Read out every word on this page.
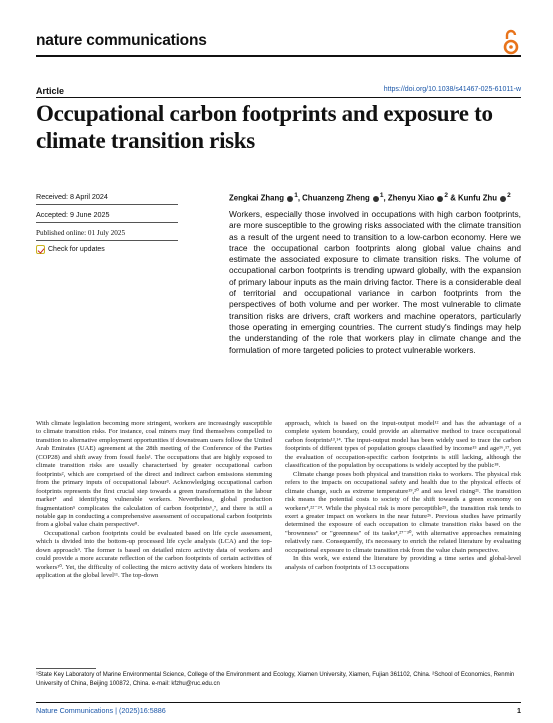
nature communications
Article	https://doi.org/10.1038/s41467-025-61011-w
Occupational carbon footprints and exposure to climate transition risks
Received: 8 April 2024
Accepted: 9 June 2025
Published online: 01 July 2025
Check for updates
Zengkai Zhang $^1$, Chuanzeng Zheng $^1$, Zhenyu Xiao $^2$ & Kunfu Zhu $^2$
Workers, especially those involved in occupations with high carbon footprints, are more susceptible to the growing risks associated with the climate transition as a result of the urgent need to transition to a low-carbon economy. Here we trace the occupational carbon footprints along global value chains and estimate the associated exposure to climate transition risks. The volume of occupational carbon footprints is trending upward globally, with the expansion of primary labour inputs as the main driving factor. There is a considerable deal of territorial and occupational variance in carbon footprints from the perspectives of both volume and per worker. The most vulnerable to climate transition risks are drivers, craft workers and machine operators, particularly those operating in emerging countries. The current study's findings may help the understanding of the role that workers play in climate change and the formulation of more targeted policies to protect vulnerable workers.

With climate legislation becoming more stringent, workers are increasingly susceptible to climate transition risks. For instance, coal miners may find themselves compelled to transition to alternative employment opportunities if downstream users follow the United Arab Emirates (UAE) agreement at the 28th meeting of the Conference of the Parties (COP28) and shift away from fossil fuels¹. The occupations that are highly exposed to climate transition risks are usually characterised by greater occupational carbon footprints², which are comprised of the direct and indirect carbon emissions stemming from the primary inputs of occupational labour³. Acknowledging occupational carbon footprints represents the first crucial step towards a green transformation in the labour market⁴ and identifying vulnerable workers. Nevertheless, global production fragmentation⁵ complicates the calculation of carbon footprints⁶,⁷, and there is still a notable gap in conducting a comprehensive assessment of occupational carbon footprints from a global value chain perspective⁸.

Occupational carbon footprints could be evaluated based on life cycle assessment, which is divided into the bottom-up processed life cycle analysis (LCA) and the top-down approach⁹. The former is based on detailed micro activity data of workers and could provide a more accurate reflection of the carbon footprints of certain activities of workers¹⁰. Yet, the difficulty of collecting the micro activity data of workers hinders its application at the global level¹¹. The top-down

approach, which is based on the input-output model¹² and has the advantage of a complete system boundary, could provide an alternative method to trace occupational carbon footprints¹³,¹⁴. The input-output model has been widely used to trace the carbon footprints of different types of population groups classified by income¹⁵ and age¹⁶,¹⁷, yet the evaluation of occupation-specific carbon footprints is still lacking, although the classification of the population by occupations is widely accepted by the public¹⁸.

Climate change poses both physical and transition risks to workers. The physical risk refers to the impacts on occupational safety and health due to the physical effects of climate change, such as extreme temperature¹⁹,²⁰ and sea level rising²¹. The transition risk means the potential costs to society of the shift towards a green economy on workers⁴,²²⁻²⁴. While the physical risk is more perceptible²⁵, the transition risk tends to exert a greater impact on workers in the near future²⁶. Previous studies have primarily determined the exposure of each occupation to climate transition risks based on the "brownness" or "greenness" of its tasks⁴,²⁷⁻³⁰, with alternative approaches remaining relatively rare. Consequently, it's necessary to enrich the related literature by evaluating occupational exposure to climate transition risk from the value chain perspective.

In this work, we extend the literature by providing a time series and global-level analysis of carbon footprints of 13 occupations

¹State Key Laboratory of Marine Environmental Science, College of the Environment and Ecology, Xiamen University, Xiamen, Fujian 361102, China. ²School of Economics, Renmin University of China, Beijing 100872, China. e-mail: kfzhu@ruc.edu.cn
Nature Communications | (2025)16:5886	1
